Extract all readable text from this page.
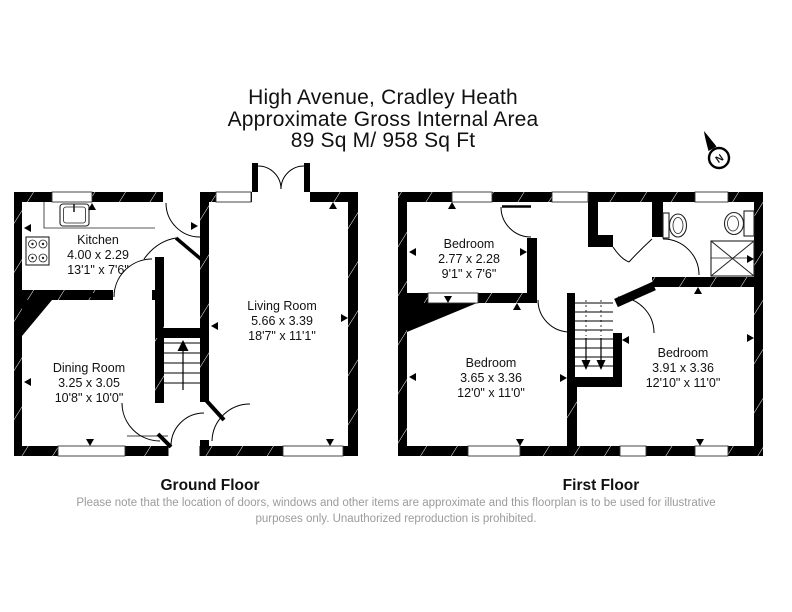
High Avenue, Cradley Heath
Approximate Gross Internal Area
89 Sq M/ 958 Sq Ft
N
Kitchen
4.00 x 2.29
13'1" x 7'6"
Living Room
5.66 x 3.39
18'7" x 11'1"
Dining Room
3.25 x 3.05
10'8" x 10'0"
Ground Floor
Bedroom
2.77 x 2.28
9'1" x 7'6"
Bedroom
3.65 x 3.36
12'0" x 11'0"
Bedroom
3.91 x 3.36
12'10" x 11'0"
First Floor
Please note that the location of doors, windows and other items are approximate and this floorplan is to be used for illustrative
purposes only. Unauthorized reproduction is prohibited.
